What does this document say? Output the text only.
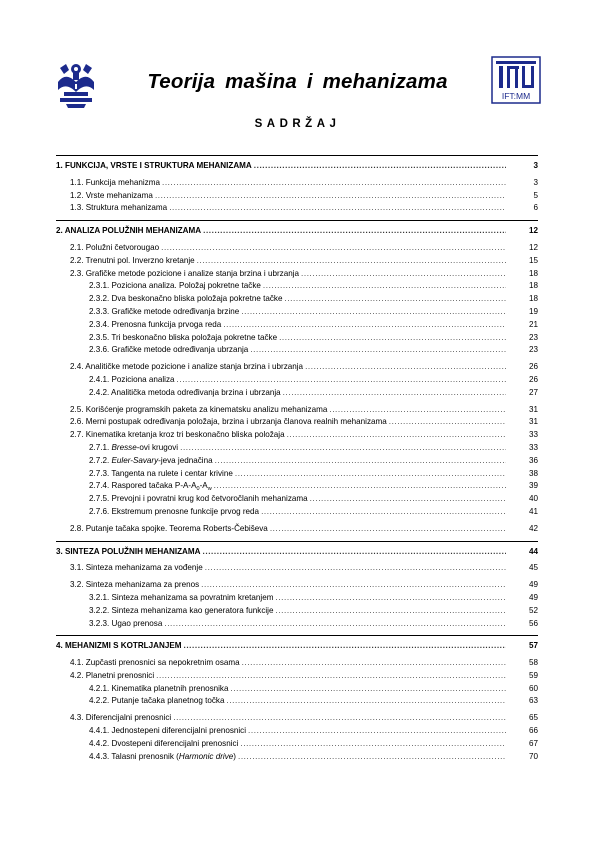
Teorija mašina i mehanizama
IFT:MM
SADRŽAJ
1. FUNKCIJA, VRSTE I STRUKTURA MEHANIZAMA .....	3
1.1. Funkcija mehanizma .....	3
1.2. Vrste mehanizama .....	5
1.3. Struktura mehanizama .....	6
2. ANALIZA POLUŽNIH MEHANIZAMA .....	12
2.1. Polužni četvorougao .....	12
2.2. Trenutni pol. Inverzno kretanje .....	15
2.3. Grafičke metode pozicione i analize stanja brzina i ubrzanja .....	18
2.3.1. Poziciona analiza. Položaj pokretne tačke .....	18
2.3.2. Dva beskonačno bliska položaja pokretne tačke .....	18
2.3.3. Grafičke metode određivanja brzine .....	19
2.3.4. Prenosna funkcija prvoga reda .....	21
2.3.5. Tri beskonačno bliska položaja pokretne tačke .....	23
2.3.6. Grafičke metode određivanja ubrzanja .....	23
2.4. Analitičke metode pozicione i analize stanja brzina i ubrzanja .....	26
2.4.1. Poziciona analiza .....	26
2.4.2. Analitička metoda određivanja brzina i ubrzanja .....	27
2.5. Korišćenje programskih paketa za kinematsku analizu mehanizama .....	31
2.6. Merni postupak određivanja položaja, brzina i ubrzanja članova realnih mehanizama .....	31
2.7. Kinematika kretanja kroz tri beskonačno bliska položaja .....	33
2.7.1. Bresse-ovi krugovi .....	33
2.7.2. Euler-Savary-jeva jednačina .....	36
2.7.3. Tangenta na rulete i centar krivine .....	38
2.7.4. Raspored tačaka $P-A-A_0-A_w$ .....	39
2.7.5. Prevojni i povratni krug kod četvoročlanih mehanizama .....	40
2.7.6. Ekstremum prenosne funkcije prvog reda .....	41
2.8. Putanje tačaka spojke. Teorema Roberts-Čebiševa .....	42
3. SINTEZA POLUŽNIH MEHANIZAMA .....	44
3.1. Sinteza mehanizama za vođenje .....	45
3.2. Sinteza mehanizama za prenos .....	49
3.2.1. Sinteza mehanizama sa povratnim kretanjem .....	49
3.2.2. Sinteza mehanizama kao generatora funkcije .....	52
3.2.3. Ugao prenosa .....	56
4. MEHANIZMI S KOTRLJANJEM .....	57
4.1. Zupčasti prenosnici sa nepokretnim osama .....	58
4.2. Planetni prenosnici .....	59
4.2.1. Kinematika planetnih prenosnika .....	60
4.2.2. Putanje tačaka planetnog točka .....	63
4.3. Diferencijalni prenosnici .....	65
4.4.1. Jednostepeni diferencijalni prenosnici .....	66
4.4.2. Dvostepeni diferencijalni prenosnici .....	67
4.4.3. Talasni prenosnik (Harmonic drive) .....	70
